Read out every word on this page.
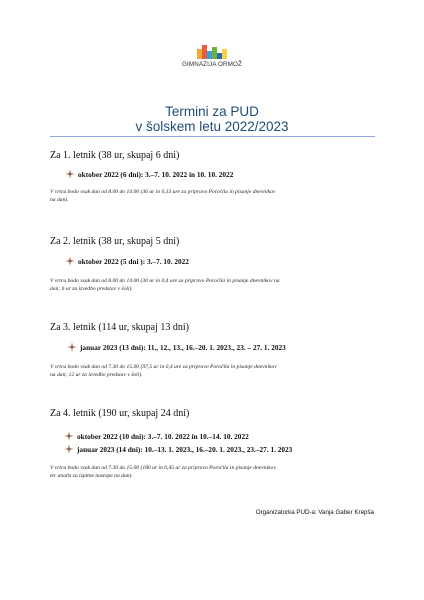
GIMNAZIJA ORMOŽ
Termini za PUD
v šolskem letu 2022/2023
Za 1. letnik (38 ur, skupaj 6 dni)
oktober 2022 (6 dni): 3.–7. 10. 2022 in 10. 10. 2022
V vrtcu bodo vsak dan od 8.00 do 14.00 (36 ur in 0,33 ure za pripravo Poročila in pisanje dnevnikov
na dan).
Za 2. letnik (38 ur, skupaj 5 dni)
oktober 2022 (5 dni ): 3.–7. 10. 2022
V vrtcu bodo vsak dan od 8.00 do 14.00 (30 ur in 0,4 ure za pripravo Poročila in pisanje dnevnikov na
dan; 6 ur za izvedbo predstav v šoli).
Za 3. letnik (114 ur, skupaj 13 dni)
januar 2023 (13 dni): 11., 12., 13., 16.–20. 1. 2023., 23. – 27. 1. 2023
V vrtcu bodo vsak dan od 7.30 do 15.00 (97,5 ur in 0,4 ure za pripravo Poročila in pisanje dnevnikov
na dan; 12 ur za izvedbo predstav v šoli).
Za 4. letnik (190 ur, skupaj 24 dni)
oktober 2022 (10 dni): 3.–7. 10. 2022 in 10.–14. 10. 2022
januar 2023 (14 dni): 10.–13. 1. 2023., 16.–20. 1. 2023., 23.–27. 1. 2023
V vrtcu bodo vsak dan od 7.30 do 15.00 (180 ur in 0,45 ur za pripravo Poročila in pisanje dnevnikov
ter analiz za izpitne nastope na dan).
Organizatorka PUD-a: Vanja Gaber Krepša
